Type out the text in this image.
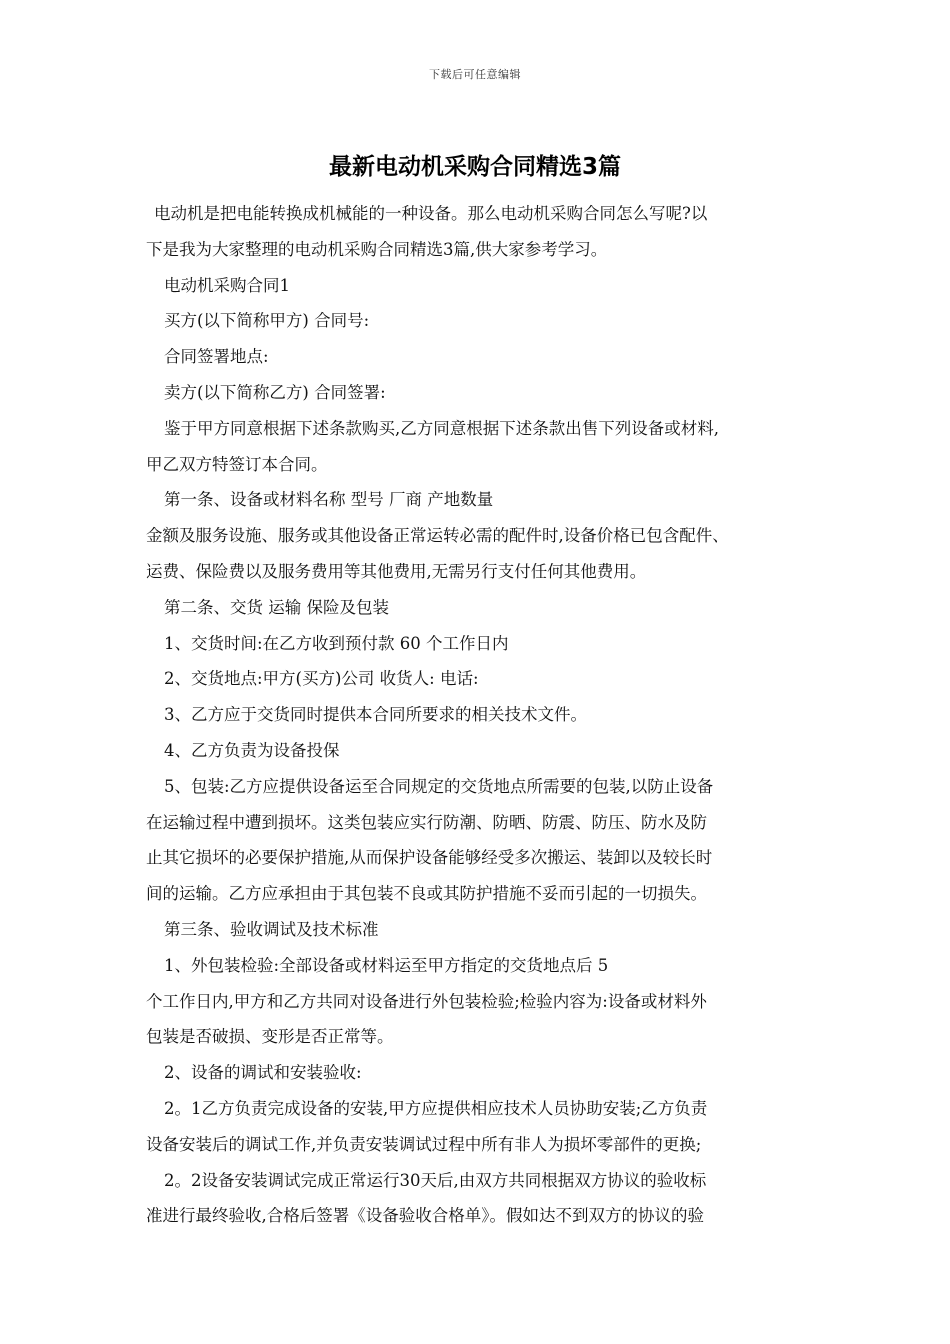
下载后可任意编辑
最新电动机采购合同精选3篇
电动机是把电能转换成机械能的一种设备。那么电动机采购合同怎么写呢?以
下是我为大家整理的电动机采购合同精选3篇,供大家参考学习。
电动机采购合同1
买方(以下简称甲方) 合同号:
合同签署地点:
卖方(以下简称乙方) 合同签署:
鉴于甲方同意根据下述条款购买,乙方同意根据下述条款出售下列设备或材料,
甲乙双方特签订本合同。
第一条、设备或材料名称 型号 厂商 产地数量
金额及服务设施、服务或其他设备正常运转必需的配件时,设备价格已包含配件、
运费、保险费以及服务费用等其他费用,无需另行支付任何其他费用。
第二条、交货 运输 保险及包装
1、交货时间:在乙方收到预付款 60 个工作日内
2、交货地点:甲方(买方)公司 收货人: 电话:
3、乙方应于交货同时提供本合同所要求的相关技术文件。
4、乙方负责为设备投保
5、包装:乙方应提供设备运至合同规定的交货地点所需要的包装,以防止设备
在运输过程中遭到损坏。这类包装应实行防潮、防晒、防震、防压、防水及防
止其它损坏的必要保护措施,从而保护设备能够经受多次搬运、装卸以及较长时
间的运输。乙方应承担由于其包装不良或其防护措施不妥而引起的一切损失。
第三条、验收调试及技术标准
1、外包装检验:全部设备或材料运至甲方指定的交货地点后 5
个工作日内,甲方和乙方共同对设备进行外包装检验;检验内容为:设备或材料外
包装是否破损、变形是否正常等。
2、设备的调试和安装验收:
2。1乙方负责完成设备的安装,甲方应提供相应技术人员协助安装;乙方负责
设备安装后的调试工作,并负责安装调试过程中所有非人为损坏零部件的更换;
2。2设备安装调试完成正常运行30天后,由双方共同根据双方协议的验收标
准进行最终验收,合格后签署《设备验收合格单》。假如达不到双方的协议的验
